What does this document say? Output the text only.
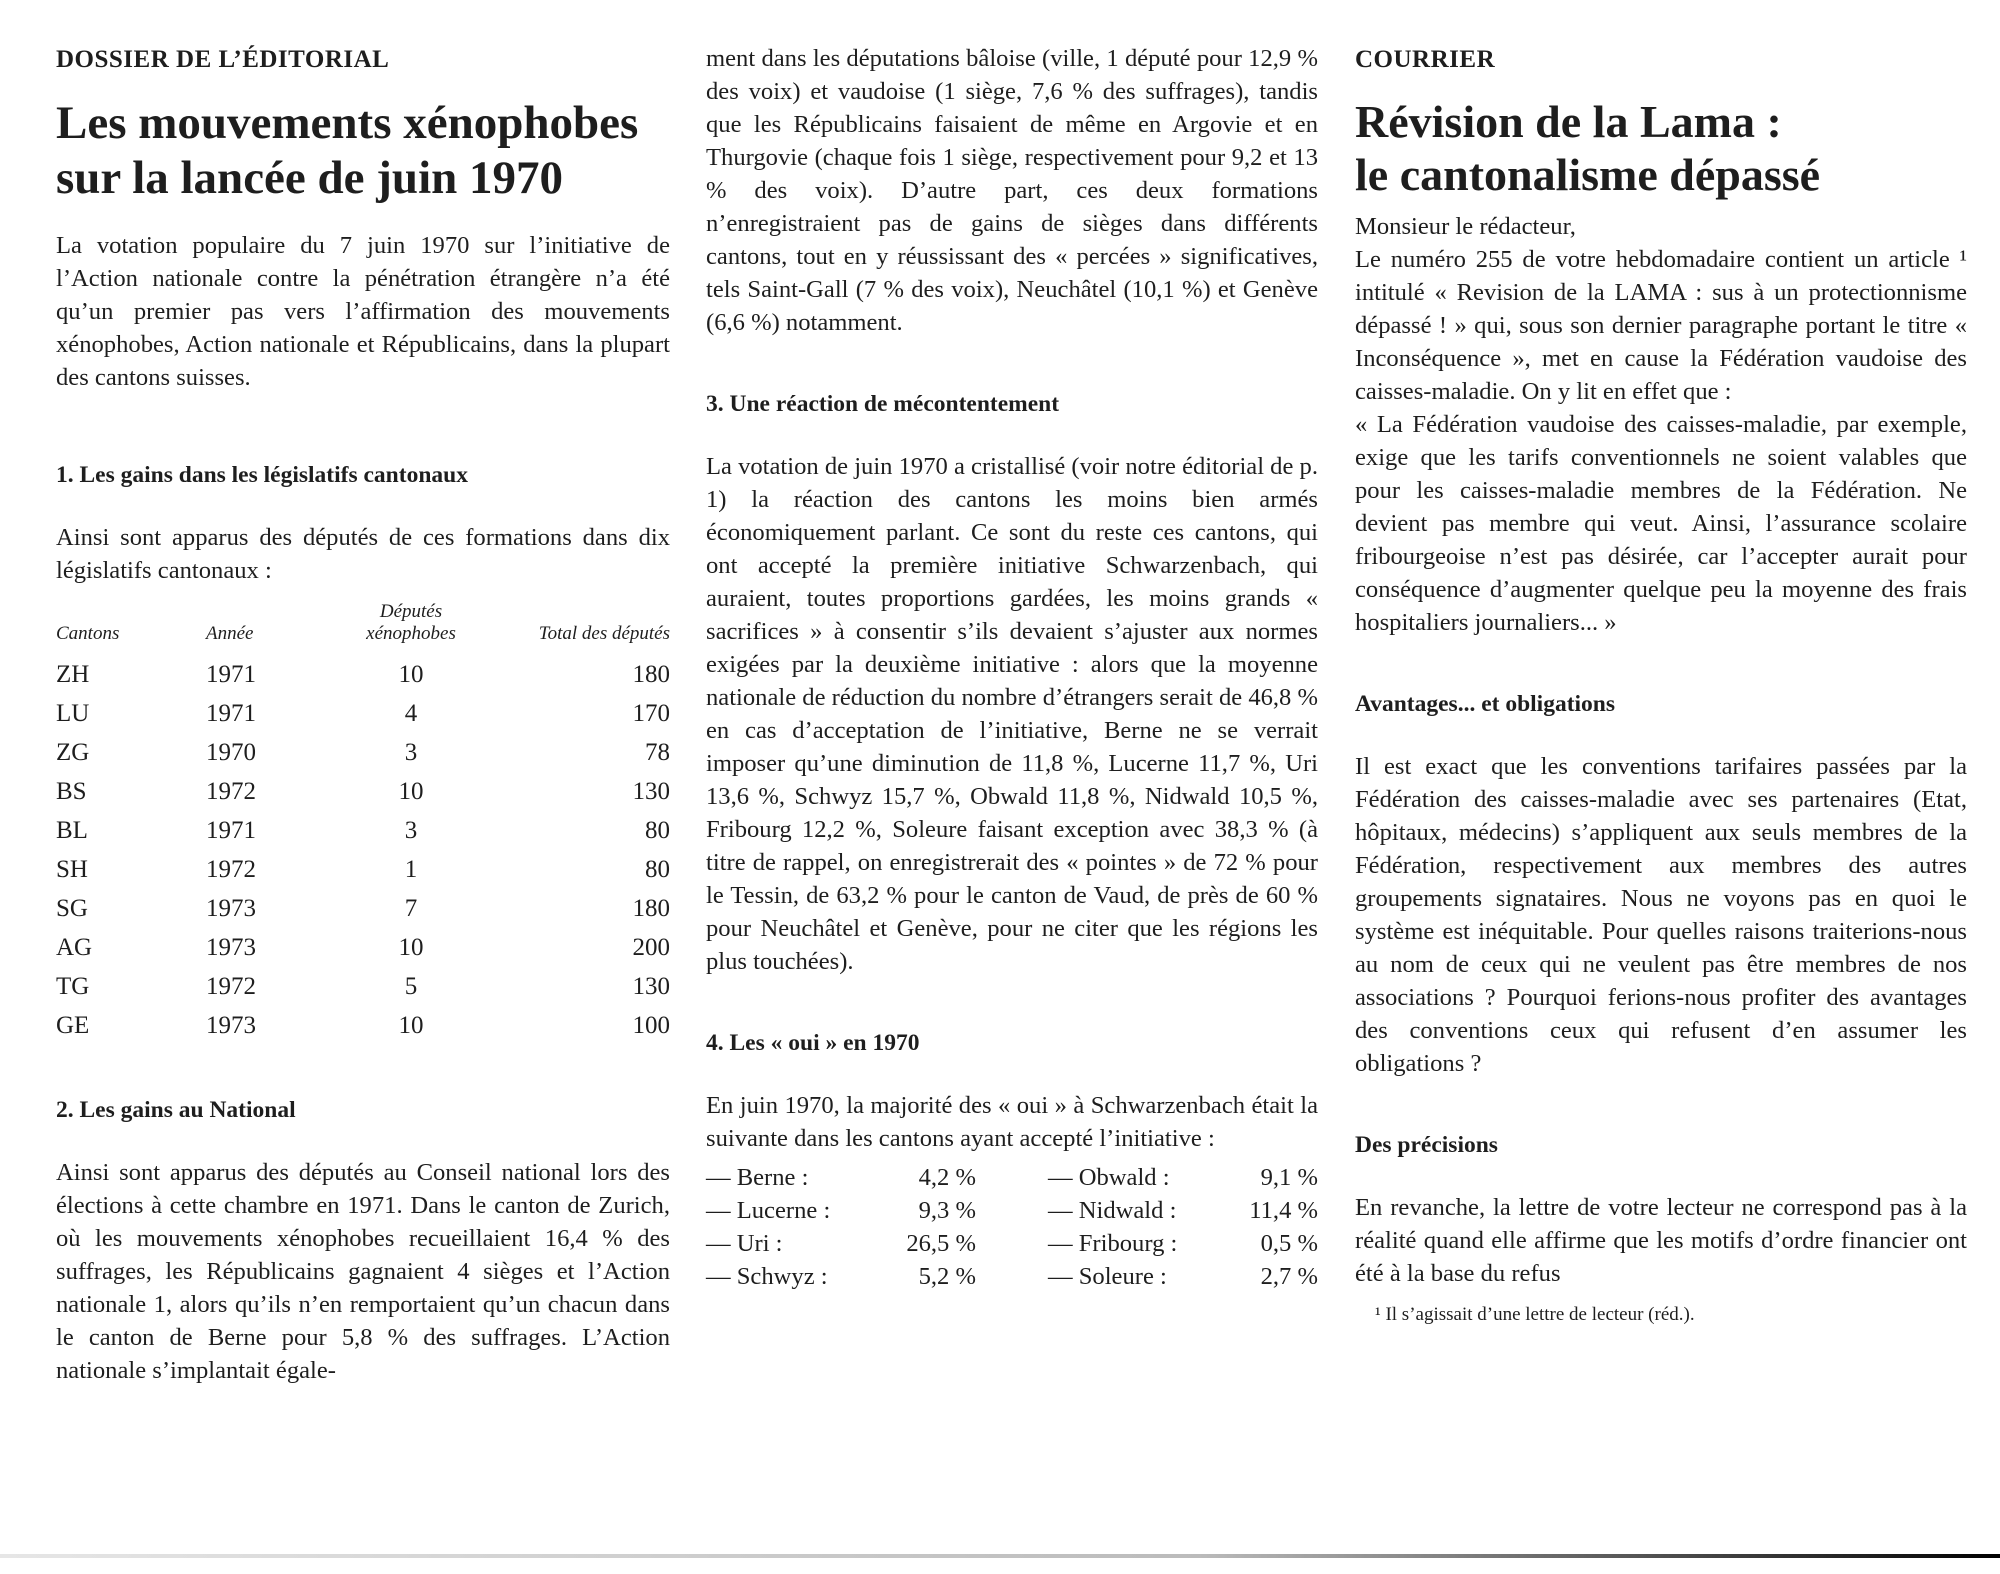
DOSSIER DE L’ÉDITORIAL
Les mouvements xénophobes
sur la lancée de juin 1970

La votation populaire du 7 juin 1970 sur l’initiative de l’Action nationale contre la pénétration étrangère n’a été qu’un premier pas vers l’affirmation des mouvements xénophobes, Action nationale et Républicains, dans la plupart des cantons suisses.

1. Les gains dans les législatifs cantonaux

Ainsi sont apparus des députés de ces formations dans dix législatifs cantonaux :

Cantons	Année	Députés xénophobes	Total des députés
ZH	1971	10	180
LU	1971	4	170
ZG	1970	3	78
BS	1972	10	130
BL	1971	3	80
SH	1972	1	80
SG	1973	7	180
AG	1973	10	200
TG	1972	5	130
GE	1973	10	100
2. Les gains au National

Ainsi sont apparus des députés au Conseil national lors des élections à cette chambre en 1971. Dans le canton de Zurich, où les mouvements xénophobes recueillaient 16,4 % des suffrages, les Républicains gagnaient 4 sièges et l’Action nationale 1, alors qu’ils n’en remportaient qu’un chacun dans le canton de Berne pour 5,8 % des suffrages. L’Action nationale s’implantait égale-

ment dans les députations bâloise (ville, 1 député pour 12,9 % des voix) et vaudoise (1 siège, 7,6 % des suffrages), tandis que les Républicains faisaient de même en Argovie et en Thurgovie (chaque fois 1 siège, respectivement pour 9,2 et 13 % des voix). D’autre part, ces deux formations n’enregistraient pas de gains de sièges dans différents cantons, tout en y réussissant des « percées » significatives, tels Saint-Gall (7 % des voix), Neuchâtel (10,1 %) et Genève (6,6 %) notamment.

3. Une réaction de mécontentement

La votation de juin 1970 a cristallisé (voir notre éditorial de p. 1) la réaction des cantons les moins bien armés économiquement parlant. Ce sont du reste ces cantons, qui ont accepté la première initiative Schwarzenbach, qui auraient, toutes proportions gardées, les moins grands « sacrifices » à consentir s’ils devaient s’ajuster aux normes exigées par la deuxième initiative : alors que la moyenne nationale de réduction du nombre d’étrangers serait de 46,8 % en cas d’acceptation de l’initiative, Berne ne se verrait imposer qu’une diminution de 11,8 %, Lucerne 11,7 %, Uri 13,6 %, Schwyz 15,7 %, Obwald 11,8 %, Nidwald 10,5 %, Fribourg 12,2 %, Soleure faisant exception avec 38,3 % (à titre de rappel, on enregistrerait des « pointes » de 72 % pour le Tessin, de 63,2 % pour le canton de Vaud, de près de 60 % pour Neuchâtel et Genève, pour ne citer que les régions les plus touchées).

4. Les « oui » en 1970

En juin 1970, la majorité des « oui » à Schwarzenbach était la suivante dans les cantons ayant accepté l’initiative :

— Berne :	4,2 %
— Lucerne :	9,3 %
— Uri :	26,5 %
— Schwyz :	5,2 %
— Obwald :	9,1 %
— Nidwald :	11,4 %
— Fribourg :	0,5 %
— Soleure :	2,7 %
COURRIER
Révision de la Lama :
le cantonalisme dépassé

Monsieur le rédacteur,

Le numéro 255 de votre hebdomadaire contient un article ¹ intitulé « Revision de la LAMA : sus à un protectionnisme dépassé ! » qui, sous son dernier paragraphe portant le titre « Inconséquence », met en cause la Fédération vaudoise des caisses-maladie. On y lit en effet que :

« La Fédération vaudoise des caisses-maladie, par exemple, exige que les tarifs conventionnels ne soient valables que pour les caisses-maladie membres de la Fédération. Ne devient pas membre qui veut. Ainsi, l’assurance scolaire fribourgeoise n’est pas désirée, car l’accepter aurait pour conséquence d’augmenter quelque peu la moyenne des frais hospitaliers journaliers... »

Avantages... et obligations

Il est exact que les conventions tarifaires passées par la Fédération des caisses-maladie avec ses partenaires (Etat, hôpitaux, médecins) s’appliquent aux seuls membres de la Fédération, respectivement aux membres des autres groupements signataires. Nous ne voyons pas en quoi le système est inéquitable. Pour quelles raisons traiterions-nous au nom de ceux qui ne veulent pas être membres de nos associations ? Pourquoi ferions-nous profiter des avantages des conventions ceux qui refusent d’en assumer les obligations ?

Des précisions

En revanche, la lettre de votre lecteur ne correspond pas à la réalité quand elle affirme que les motifs d’ordre financier ont été à la base du refus

¹ Il s’agissait d’une lettre de lecteur (réd.).
